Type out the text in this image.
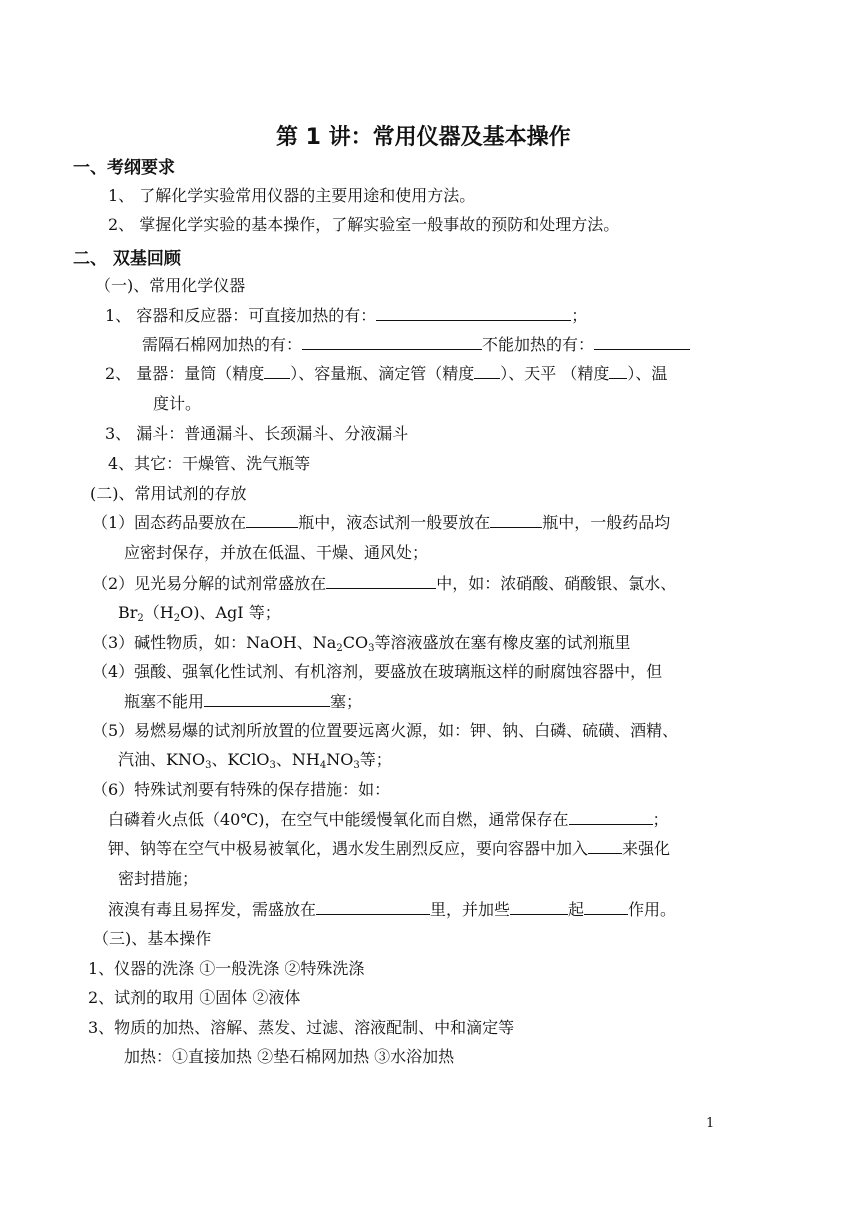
第 1 讲：常用仪器及基本操作
一、考纲要求
1、 了解化学实验常用仪器的主要用途和使用方法。
2、 掌握化学实验的基本操作，了解实验室一般事故的预防和处理方法。
二、 双基回顾
（一)、常用化学仪器
1、 容器和反应器：可直接加热的有：	；
需隔石棉网加热的有：	不能加热的有：
2、 量器：量筒（精度 ）、容量瓶、滴定管（精度 ）、天平 （精度 ）、温
度计。
3、 漏斗：普通漏斗、长颈漏斗、分液漏斗
4、其它：干燥管、洗气瓶等
(二)、常用试剂的存放
（1）固态药品要放在	瓶中，液态试剂一般要放在	瓶中，一般药品均
应密封保存，并放在低温、干燥、通风处；
（2）见光易分解的试剂常盛放在	中，如：浓硝酸、硝酸银、氯水、
$Br_2(H_2O)$、AgI 等；
（3）碱性物质，如：NaOH、$Na_2CO_3$等溶液盛放在塞有橡皮塞的试剂瓶里
（4）强酸、强氧化性试剂、有机溶剂，要盛放在玻璃瓶这样的耐腐蚀容器中，但
瓶塞不能用	塞；
（5）易燃易爆的试剂所放置的位置要远离火源，如：钾、钠、白磷、硫磺、酒精、
汽油、$KNO_3$、KClO$_3$、$NH_4NO_3$等；
（6）特殊试剂要有特殊的保存措施：如：
白磷着火点低（40℃)，在空气中能缓慢氧化而自燃，通常保存在	；
钾、钠等在空气中极易被氧化，遇水发生剧烈反应，要向容器中加入 来强化
密封措施；
液溴有毒且易挥发，需盛放在	里，并加些	起	作用。
（三)、基本操作
1、仪器的洗涤 ①一般洗涤 ②特殊洗涤
2、试剂的取用 ①固体 ②液体
3、物质的加热、溶解、蒸发、过滤、溶液配制、中和滴定等
加热：①直接加热 ②垫石棉网加热 ③水浴加热
1
